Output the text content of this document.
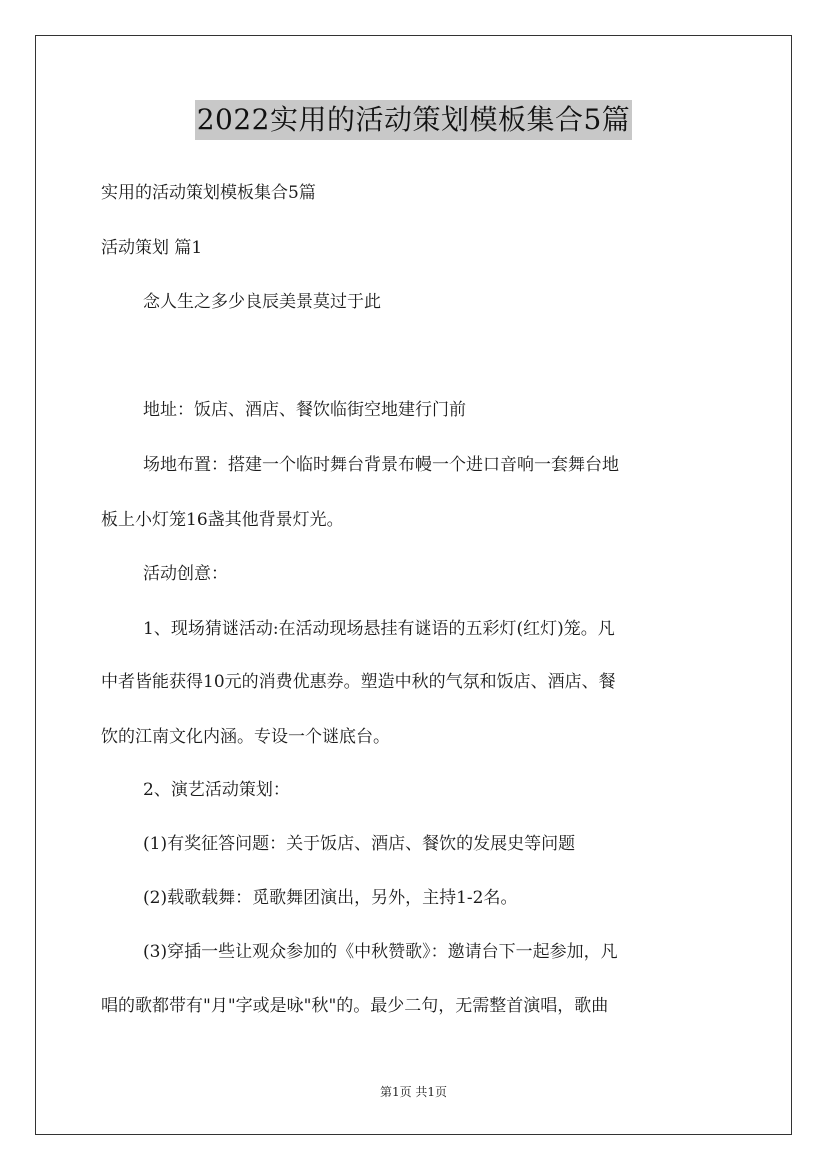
2022实用的活动策划模板集合5篇

实用的活动策划模板集合5篇

活动策划 篇1

念人生之多少良辰美景莫过于此

地址：饭店、酒店、餐饮临街空地建行门前

场地布置：搭建一个临时舞台背景布幔一个进口音响一套舞台地

板上小灯笼16盏其他背景灯光。

活动创意：

1、现场猜谜活动:在活动现场悬挂有谜语的五彩灯(红灯)笼。凡

中者皆能获得10元的消费优惠券。塑造中秋的气氛和饭店、酒店、餐

饮的江南文化内涵。专设一个谜底台。

2、演艺活动策划：

(1)有奖征答问题：关于饭店、酒店、餐饮的发展史等问题

(2)载歌载舞：觅歌舞团演出，另外，主持1-2名。

(3)穿插一些让观众参加的《中秋赞歌》：邀请台下一起参加，凡

唱的歌都带有"月"字或是咏"秋"的。最少二句，无需整首演唱，歌曲

第1页 共1页
